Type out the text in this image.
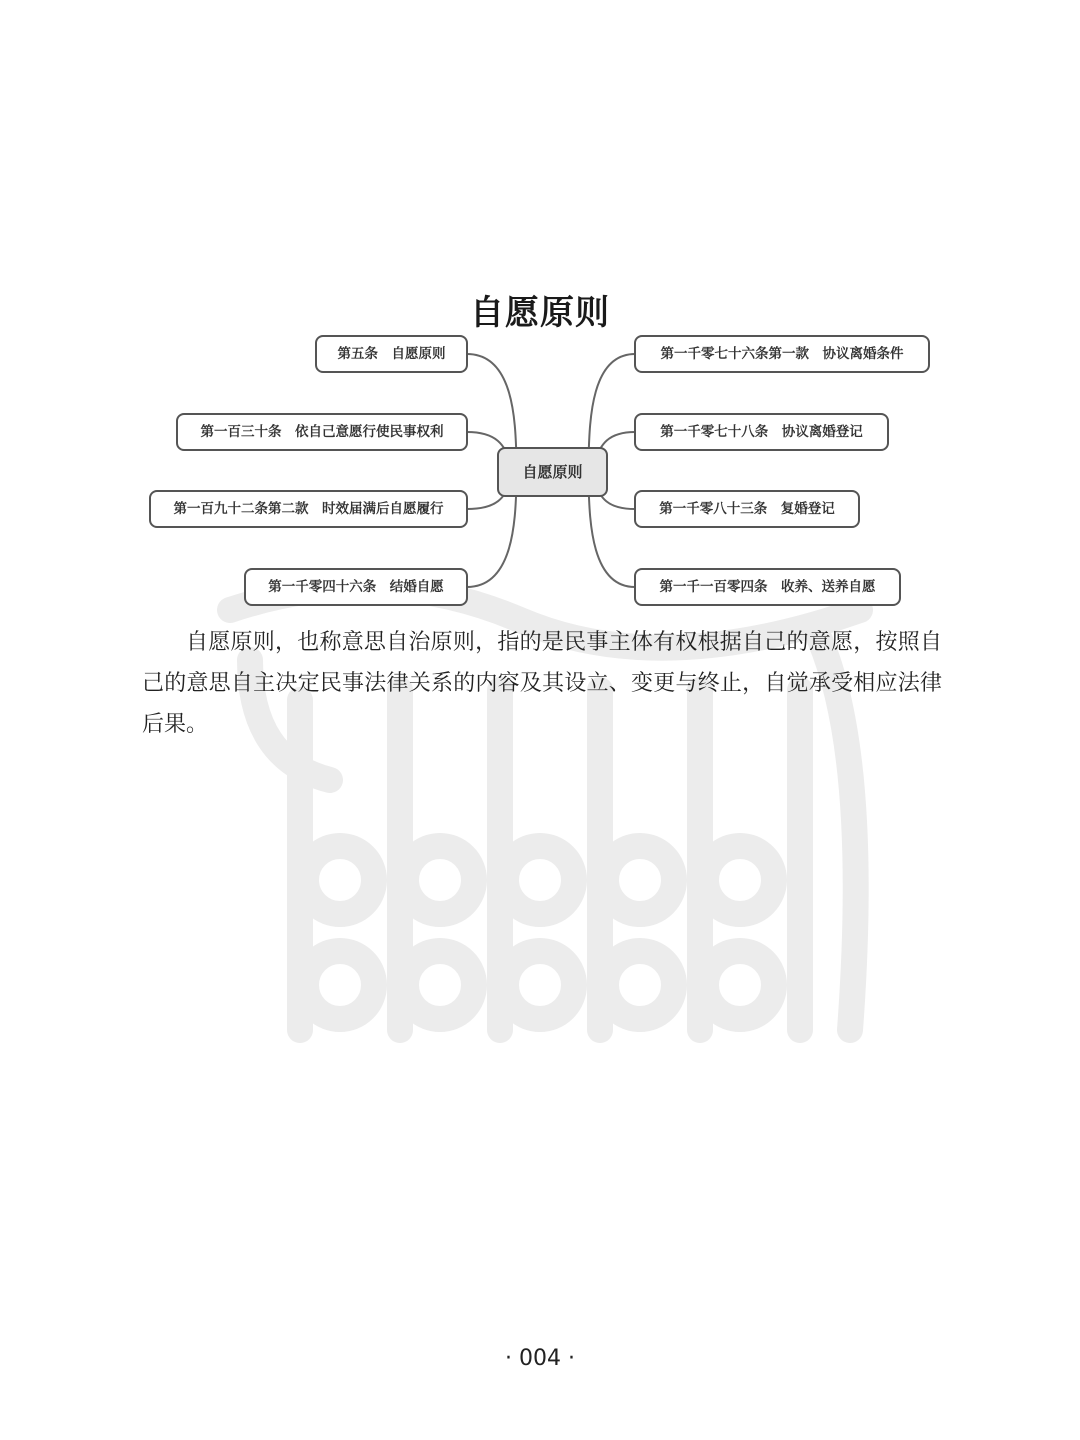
自愿原则
自愿原则
第五条　自愿原则
第一百三十条　依自己意愿行使民事权利
第一百九十二条第二款　时效届满后自愿履行
第一千零四十六条　结婚自愿
第一千零七十六条第一款　协议离婚条件
第一千零七十八条　协议离婚登记
第一千零八十三条　复婚登记
第一千一百零四条　收养、送养自愿

自愿原则，也称意思自治原则，指的是民事主体有权根据自己的意愿，按照自己的意思自主决定民事法律关系的内容及其设立、变更与终止，自觉承受相应法律后果。

· 004 ·
